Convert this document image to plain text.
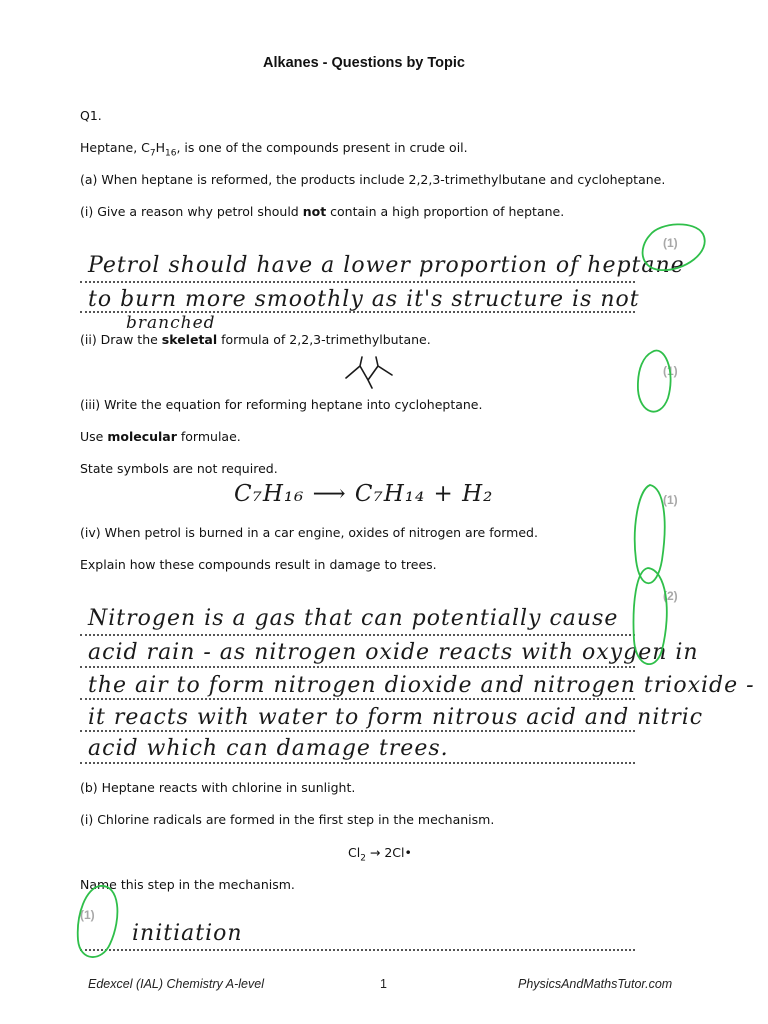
Alkanes - Questions by Topic
Q1.
Heptane, $C_7H_{16}$, is one of the compounds present in crude oil.
(a) When heptane is reformed, the products include 2,2,3-trimethylbutane and cycloheptane.
(i) Give a reason why petrol should not contain a high proportion of heptane.
(1)
Petrol should have a lower proportion of heptane
to burn more smoothly as it's structure is not
branched
(ii) Draw the skeletal formula of 2,2,3-trimethylbutane.
(1)
(iii) Write the equation for reforming heptane into cycloheptane.
Use molecular formulae.
State symbols are not required.
C₇H₁₆ ⟶ C₇H₁₄ + H₂	(1)
(iv) When petrol is burned in a car engine, oxides of nitrogen are formed.
Explain how these compounds result in damage to trees.
(2)
Nitrogen is a gas that can potentially cause
acid rain - as nitrogen oxide reacts with oxygen in
the air to form nitrogen dioxide and nitrogen trioxide -
it reacts with water to form nitrous acid and nitric
acid which can damage trees.
(b) Heptane reacts with chlorine in sunlight.
(i) Chlorine radicals are formed in the first step in the mechanism.
$Cl_2$ → 2Cl•
Name this step in the mechanism.
(1)
initiation
Edexcel (IAL) Chemistry A-level	1	PhysicsAndMathsTutor.com
